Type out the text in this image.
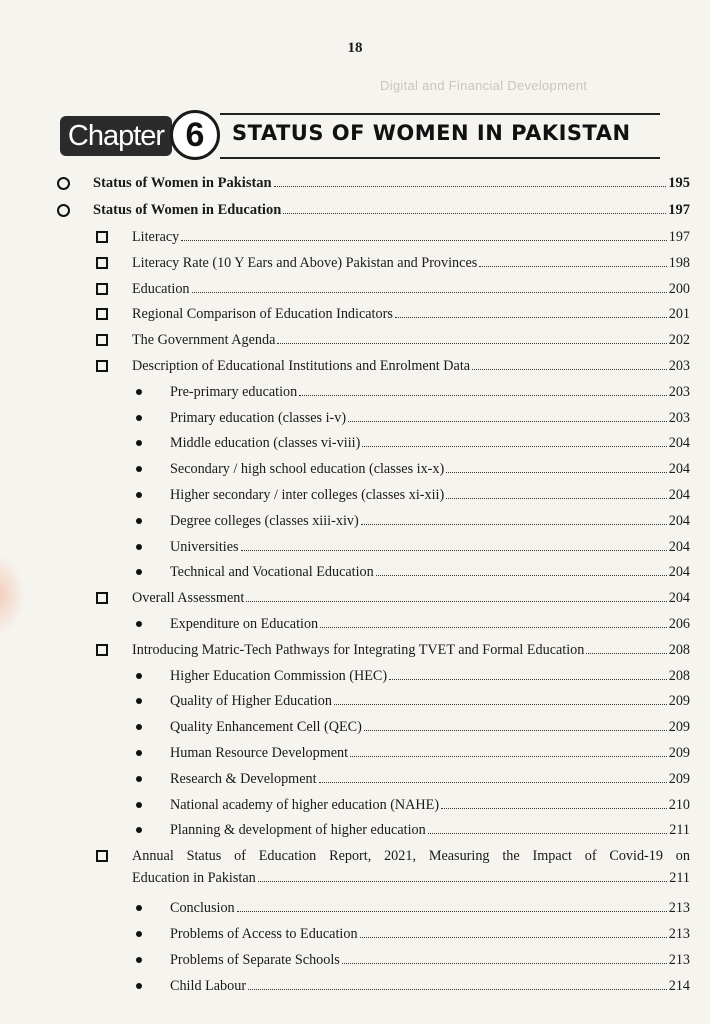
18
Digital and Financial Development
Chapter 6	STATUS OF WOMEN IN PAKISTAN
Status of Women in Pakistan	195
Status of Women in Education	197
Literacy	197
Literacy Rate (10 Y Ears and Above) Pakistan and Provinces	198
Education	200
Regional Comparison of Education Indicators	201
The Government Agenda	202
Description of Educational Institutions and Enrolment Data	203
Pre-primary education	203
Primary education (classes i-v)	203
Middle education (classes vi-viii)	204
Secondary / high school education (classes ix-x)	204
Higher secondary / inter colleges (classes xi-xii)	204
Degree colleges (classes xiii-xiv)	204
Universities	204
Technical and Vocational Education	204
Overall Assessment	204
Expenditure on Education	206
Introducing Matric-Tech Pathways for Integrating TVET and Formal Education	208
Higher Education Commission (HEC)	208
Quality of Higher Education	209
Quality Enhancement Cell (QEC)	209
Human Resource Development	209
Research & Development	209
National academy of higher education (NAHE)	210
Planning & development of higher education	211
Annual Status of Education Report, 2021, Measuring the Impact of Covid-19 on
Education in Pakistan	211
Conclusion	213
Problems of Access to Education	213
Problems of Separate Schools	213
Child Labour	214
